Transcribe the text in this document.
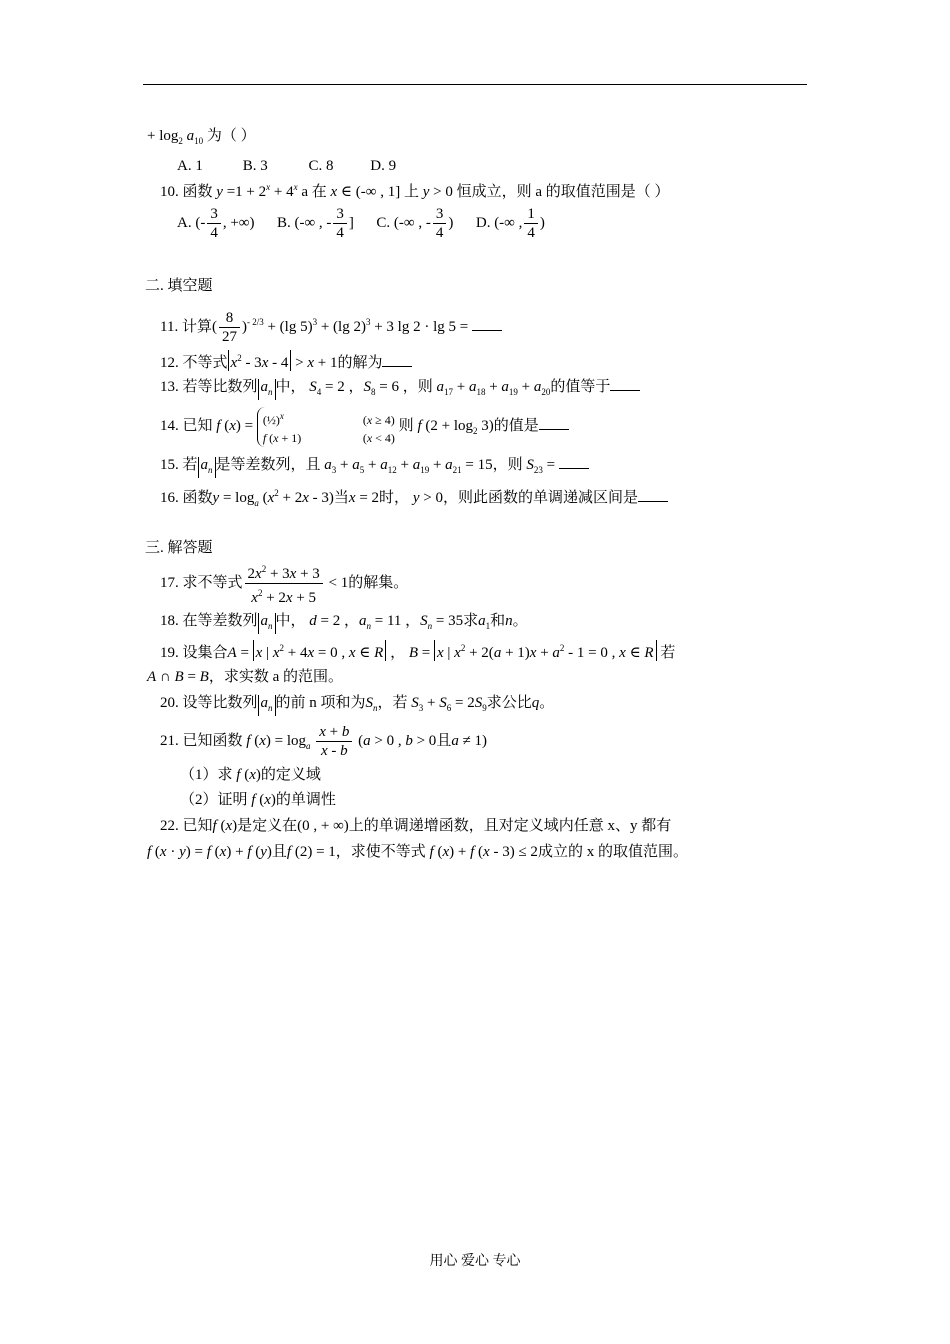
+ $\log_2 a_{10}$ 为（ ）
A. 1	B. 3	C. 8 D. 9
10. 函数 $y =1 + 2^x + 4^x$ a 在 x ∈ (-∞ , 1] 上 y > 0 恒成立，则 a 的取值范围是（ ）
A. (- $\frac{3}{4}$ , +∞) B. (-∞ , - $\frac{3}{4}$ ] C. (-∞ , - $\frac{3}{4}$ ) D. (-∞ , $\frac{1}{4}$ )
二. 填空题
11. 计算( $\frac{8}{27} )^{- 2/3} + (\lg$ 5)$^3$ + (lg 2)$^3$ + 3 lg 2 · lg 5 =
12. 不等式 $x^2 - 3x - 4 > x + 1$的解为
13. 若等比数列 $a_n$ 中， $S_4 = 2$ ，$S_8 = 6$ ，则 $a_{17} + a_{18} + a_{19} + a_{20}$的值等于
14. 已知 f (x) = (½)$^x$	(x ≥ 4)
f (x + 1)	(x < 4) 则 f $(2 + \log_2 3)$的值是
15. 若 $a_n$ 是等差数列，且 $a_3 + a_5 + a_{12} + a_{19} + a_{21} = 15$，则 $S_{23}$ =
16. 函数$y = \log_a (x^2 + 2x - 3)$当x = 2时， y > 0，则此函数的单调递减区间是
三. 解答题
17. 求不等式 $\frac{2x^2 + 3x + 3}{x^2 + 2x + 5} < 1$的解集。
18. 在等差数列 $a_n$ 中， d = 2 ，$a_n = 11$ ，$S_n = 35$求$a_1$和n。
19. 设集合A = x | $x^2 + 4x = 0$ , x ∈ R ， B = x | $x^2 + 2(a + 1)x + a^2 - 1 = 0$ , x ∈ R 若
A ∩ B = B，求实数 a 的范围。
20. 设等比数列 $a_n$ 的前 n 项和为$S_n$，若 $S_3 + S_6 = 2S_9$求公比q。
21. 已知函数 f $(x) = \log_a \frac{x + b}{x - b} (a > 0$ , b > 0且a ≠ 1)
（1）求 f (x)的定义域
（2）证明 f (x)的单调性
22. 已知f (x)是定义在(0 , + ∞)上的单调递增函数，且对定义域内任意 x、y 都有
f (x · y) = f (x) + f (y)且f (2) = 1，求使不等式 f (x) + f (x - 3) ≤ 2成立的 x 的取值范围。
用心 爱心 专心
